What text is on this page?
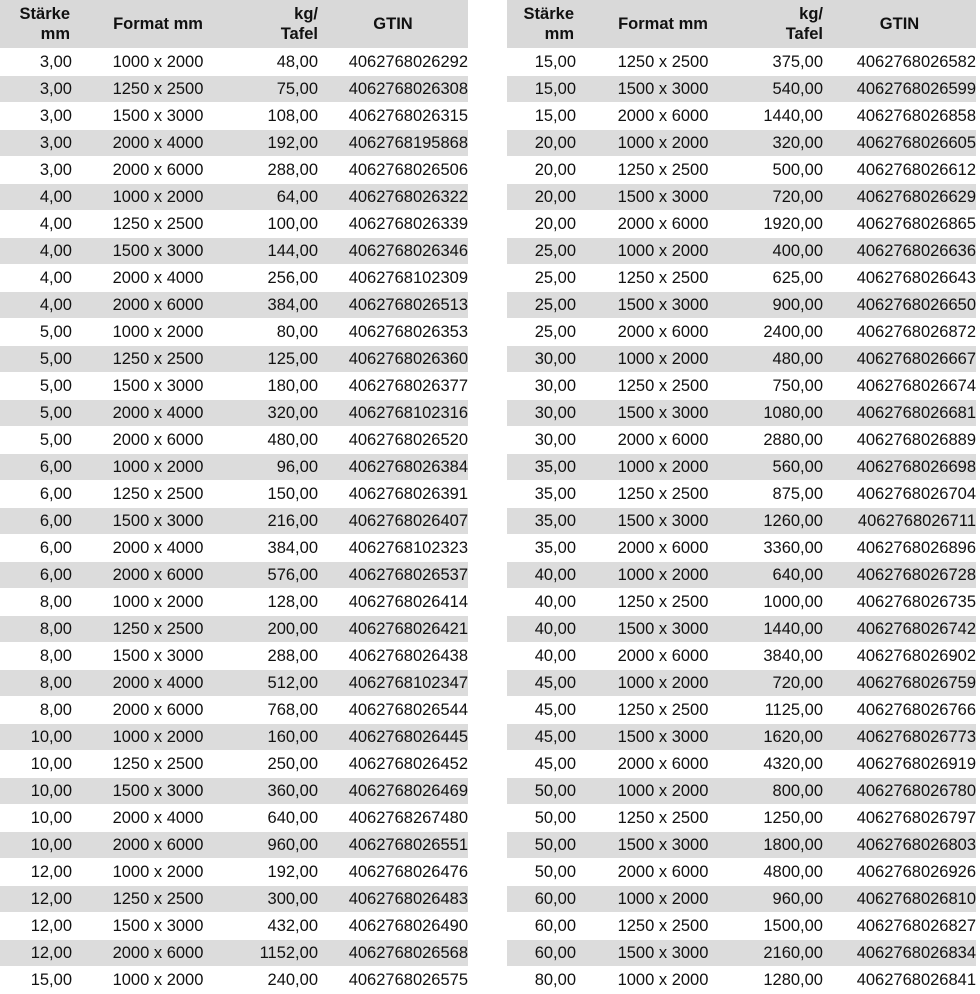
Stärke
mm	Format mm	kg/
Tafel	GTIN
3,00	1000 x 2000	48,00	4062768026292
3,00	1250 x 2500	75,00	4062768026308
3,00	1500 x 3000	108,00	4062768026315
3,00	2000 x 4000	192,00	4062768195868
3,00	2000 x 6000	288,00	4062768026506
4,00	1000 x 2000	64,00	4062768026322
4,00	1250 x 2500	100,00	4062768026339
4,00	1500 x 3000	144,00	4062768026346
4,00	2000 x 4000	256,00	4062768102309
4,00	2000 x 6000	384,00	4062768026513
5,00	1000 x 2000	80,00	4062768026353
5,00	1250 x 2500	125,00	4062768026360
5,00	1500 x 3000	180,00	4062768026377
5,00	2000 x 4000	320,00	4062768102316
5,00	2000 x 6000	480,00	4062768026520
6,00	1000 x 2000	96,00	4062768026384
6,00	1250 x 2500	150,00	4062768026391
6,00	1500 x 3000	216,00	4062768026407
6,00	2000 x 4000	384,00	4062768102323
6,00	2000 x 6000	576,00	4062768026537
8,00	1000 x 2000	128,00	4062768026414
8,00	1250 x 2500	200,00	4062768026421
8,00	1500 x 3000	288,00	4062768026438
8,00	2000 x 4000	512,00	4062768102347
8,00	2000 x 6000	768,00	4062768026544
10,00	1000 x 2000	160,00	4062768026445
10,00	1250 x 2500	250,00	4062768026452
10,00	1500 x 3000	360,00	4062768026469
10,00	2000 x 4000	640,00	4062768267480
10,00	2000 x 6000	960,00	4062768026551
12,00	1000 x 2000	192,00	4062768026476
12,00	1250 x 2500	300,00	4062768026483
12,00	1500 x 3000	432,00	4062768026490
12,00	2000 x 6000	1152,00	4062768026568
15,00	1000 x 2000	240,00	4062768026575
Stärke
mm	Format mm	kg/
Tafel	GTIN
15,00	1250 x 2500	375,00	4062768026582
15,00	1500 x 3000	540,00	4062768026599
15,00	2000 x 6000	1440,00	4062768026858
20,00	1000 x 2000	320,00	4062768026605
20,00	1250 x 2500	500,00	4062768026612
20,00	1500 x 3000	720,00	4062768026629
20,00	2000 x 6000	1920,00	4062768026865
25,00	1000 x 2000	400,00	4062768026636
25,00	1250 x 2500	625,00	4062768026643
25,00	1500 x 3000	900,00	4062768026650
25,00	2000 x 6000	2400,00	4062768026872
30,00	1000 x 2000	480,00	4062768026667
30,00	1250 x 2500	750,00	4062768026674
30,00	1500 x 3000	1080,00	4062768026681
30,00	2000 x 6000	2880,00	4062768026889
35,00	1000 x 2000	560,00	4062768026698
35,00	1250 x 2500	875,00	4062768026704
35,00	1500 x 3000	1260,00	4062768026711
35,00	2000 x 6000	3360,00	4062768026896
40,00	1000 x 2000	640,00	4062768026728
40,00	1250 x 2500	1000,00	4062768026735
40,00	1500 x 3000	1440,00	4062768026742
40,00	2000 x 6000	3840,00	4062768026902
45,00	1000 x 2000	720,00	4062768026759
45,00	1250 x 2500	1125,00	4062768026766
45,00	1500 x 3000	1620,00	4062768026773
45,00	2000 x 6000	4320,00	4062768026919
50,00	1000 x 2000	800,00	4062768026780
50,00	1250 x 2500	1250,00	4062768026797
50,00	1500 x 3000	1800,00	4062768026803
50,00	2000 x 6000	4800,00	4062768026926
60,00	1000 x 2000	960,00	4062768026810
60,00	1250 x 2500	1500,00	4062768026827
60,00	1500 x 3000	2160,00	4062768026834
80,00	1000 x 2000	1280,00	4062768026841
